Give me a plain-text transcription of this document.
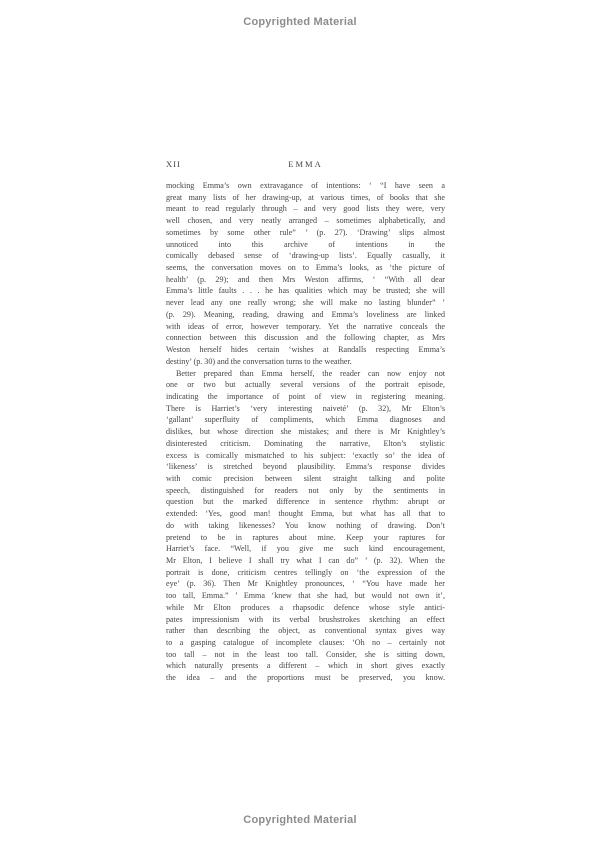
Copyrighted Material
XII	EMMA
mocking Emma’s own extravagance of intentions: ‘ “I have seen a
great many lists of her drawing-up, at various times, of books that she
meant to read regularly through – and very good lists they were, very
well chosen, and very neatly arranged – sometimes alphabetically, and
sometimes by some other rule” ’ (p. 27). ‘Drawing’ slips almost
unnoticed into this archive of intentions in the
comically debased sense of ‘drawing-up lists’. Equally casually, it
seems, the conversation moves on to Emma’s looks, as ‘the picture of
health’ (p. 29); and then Mrs Weston affirms, ‘ “With all dear
Emma’s little faults . . . he has qualities which may be trusted; she will
never lead any one really wrong; she will make no lasting blunder” ’
(p. 29). Meaning, reading, drawing and Emma’s loveliness are linked
with ideas of error, however temporary. Yet the narrative conceals the
connection between this discussion and the following chapter, as Mrs
Weston herself hides certain ‘wishes at Randalls respecting Emma’s
destiny’ (p. 30) and the conversation turns to the weather.
Better prepared than Emma herself, the reader can now enjoy not
one or two but actually several versions of the portrait episode,
indicating the importance of point of view in registering meaning.
There is Harriet’s ‘very interesting naiveté’ (p. 32), Mr Elton’s
‘gallant’ superfluity of compliments, which Emma diagnoses and
dislikes, but whose direction she mistakes; and there is Mr Knightley’s
disinterested criticism. Dominating the narrative, Elton’s stylistic
excess is comically mismatched to his subject: ‘exactly so’ the idea of
‘likeness’ is stretched beyond plausibility. Emma’s response divides
with comic precision between silent straight talking and polite
speech, distinguished for readers not only by the sentiments in
question but the marked difference in sentence rhythm: abrupt or
extended: ‘Yes, good man! thought Emma, but what has all that to
do with taking likenesses? You know nothing of drawing. Don’t
pretend to be in raptures about mine. Keep your raptures for
Harriet’s face. “Well, if you give me such kind encouragement,
Mr Elton, I believe I shall try what I can do” ’ (p. 32). When the
portrait is done, criticism centres tellingly on ‘the expression of the
eye’ (p. 36). Then Mr Knightley pronounces, ‘ “You have made her
too tall, Emma.” ’ Emma ‘knew that she had, but would not own it’,
while Mr Elton produces a rhapsodic defence whose style antici-
pates impressionism with its verbal brushstrokes sketching an effect
rather than describing the object, as conventional syntax gives way
to a gasping catalogue of incomplete clauses: ‘Oh no – certainly not
too tall – not in the least too tall. Consider, she is sitting down,
which naturally presents a different – which in short gives exactly
the idea – and the proportions must be preserved, you know.
Copyrighted Material
